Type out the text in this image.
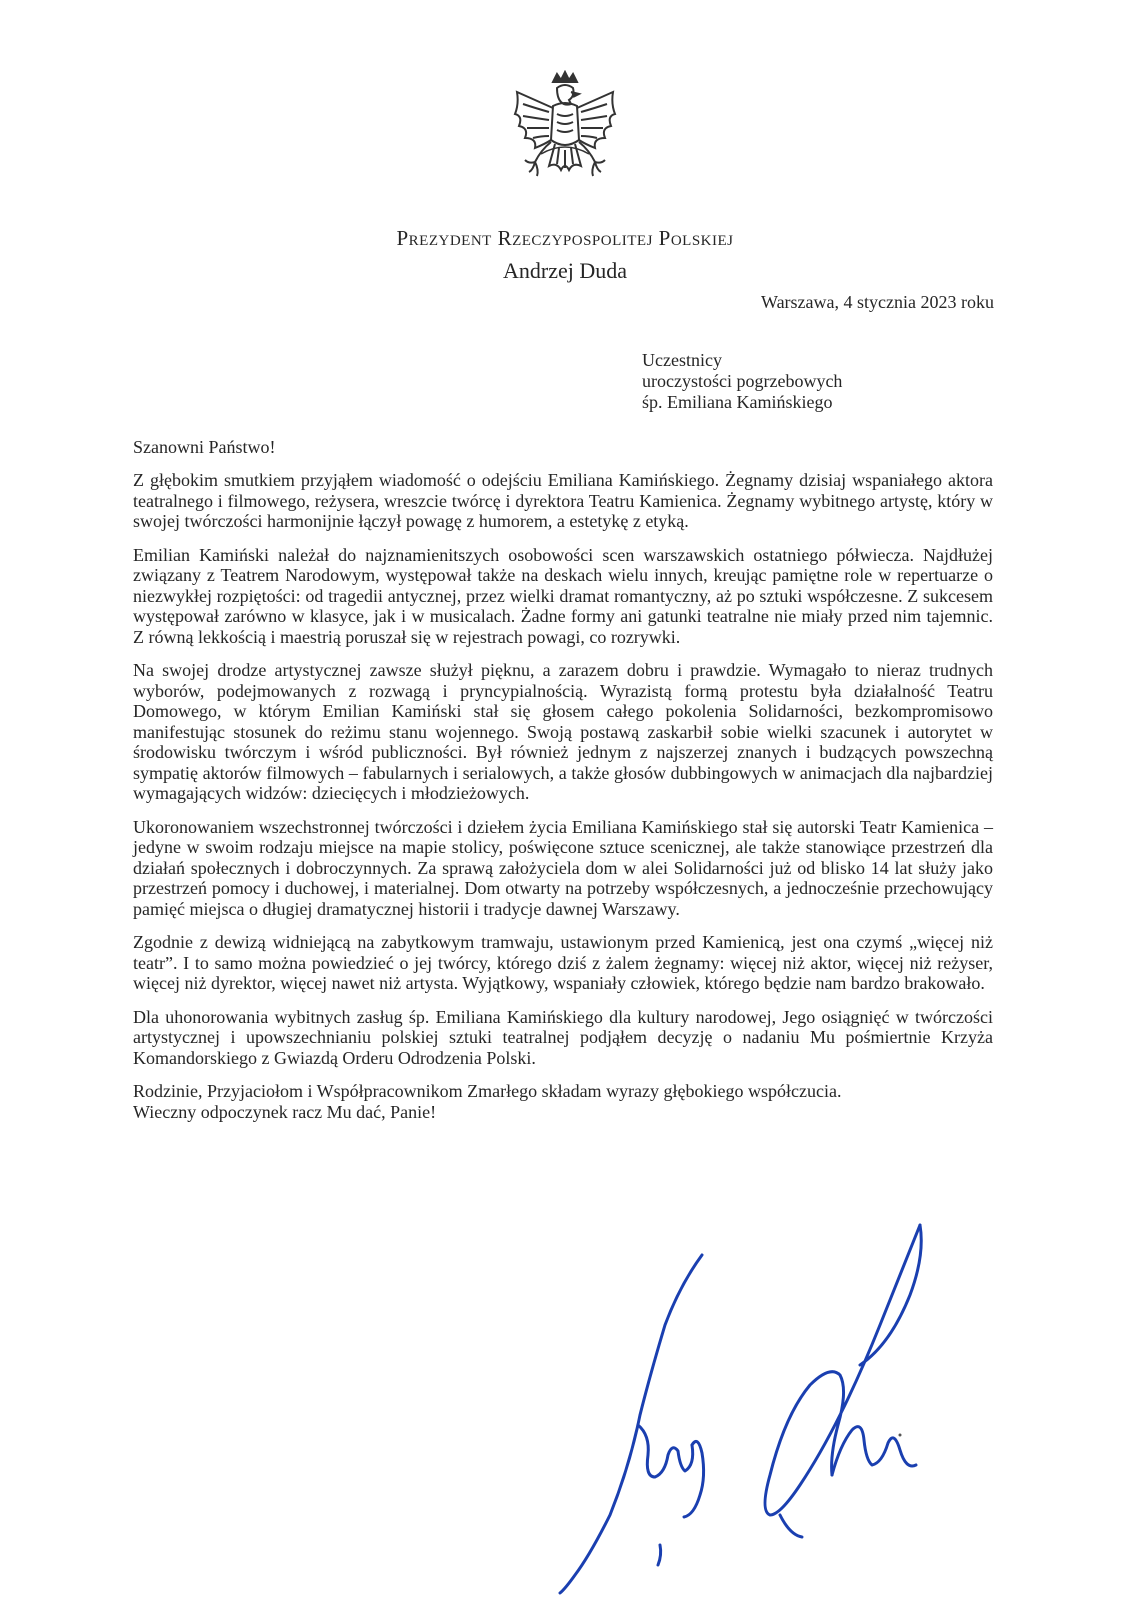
Prezydent Rzeczypospolitej Polskiej
Andrzej Duda
Warszawa, 4 stycznia 2023 roku
Uczestnicy
uroczystości pogrzebowych
śp. Emiliana Kamińskiego
Szanowni Państwo!

Z głębokim smutkiem przyjąłem wiadomość o odejściu Emiliana Kamińskiego. Żegnamy dzisiaj wspaniałego aktora teatralnego i filmowego, reżysera, wreszcie twórcę i dyrektora Teatru Kamienica. Żegnamy wybitnego artystę, który w swojej twórczości harmonijnie łączył powagę z humorem, a estetykę z etyką.

Emilian Kamiński należał do najznamienitszych osobowości scen warszawskich ostatniego półwiecza. Najdłużej związany z Teatrem Narodowym, występował także na deskach wielu innych, kreując pamiętne role w repertuarze o niezwykłej rozpiętości: od tragedii antycznej, przez wielki dramat romantyczny, aż po sztuki współczesne. Z sukcesem występował zarówno w klasyce, jak i w musicalach. Żadne formy ani gatunki teatralne nie miały przed nim tajemnic. Z równą lekkością i maestrią poruszał się w rejestrach powagi, co rozrywki.

Na swojej drodze artystycznej zawsze służył pięknu, a zarazem dobru i prawdzie. Wymagało to nieraz trudnych wyborów, podejmowanych z rozwagą i pryncypialnością. Wyrazistą formą protestu była działalność Teatru Domowego, w którym Emilian Kamiński stał się głosem całego pokolenia Solidarności, bezkompromisowo manifestując stosunek do reżimu stanu wojennego. Swoją postawą zaskarbił sobie wielki szacunek i autorytet w środowisku twórczym i wśród publiczności. Był również jednym z najszerzej znanych i budzących powszechną sympatię aktorów filmowych – fabularnych i serialowych, a także głosów dubbingowych w animacjach dla najbardziej wymagających widzów: dziecięcych i młodzieżowych.

Ukoronowaniem wszechstronnej twórczości i dziełem życia Emiliana Kamińskiego stał się autorski Teatr Kamienica – jedyne w swoim rodzaju miejsce na mapie stolicy, poświęcone sztuce scenicznej, ale także stanowiące przestrzeń dla działań społecznych i dobroczynnych. Za sprawą założyciela dom w alei Solidarności już od blisko 14 lat służy jako przestrzeń pomocy i duchowej, i materialnej. Dom otwarty na potrzeby współczesnych, a jednocześnie przechowujący pamięć miejsca o długiej dramatycznej historii i tradycje dawnej Warszawy.

Zgodnie z dewizą widniejącą na zabytkowym tramwaju, ustawionym przed Kamienicą, jest ona czymś „więcej niż teatr”. I to samo można powiedzieć o jej twórcy, którego dziś z żalem żegnamy: więcej niż aktor, więcej niż reżyser, więcej niż dyrektor, więcej nawet niż artysta. Wyjątkowy, wspaniały człowiek, którego będzie nam bardzo brakowało.

Dla uhonorowania wybitnych zasług śp. Emiliana Kamińskiego dla kultury narodowej, Jego osiągnięć w twórczości artystycznej i upowszechnianiu polskiej sztuki teatralnej podjąłem decyzję o nadaniu Mu pośmiertnie Krzyża Komandorskiego z Gwiazdą Orderu Odrodzenia Polski.

Rodzinie, Przyjaciołom i Współpracownikom Zmarłego składam wyrazy głębokiego współczucia.
Wieczny odpoczynek racz Mu dać, Panie!
